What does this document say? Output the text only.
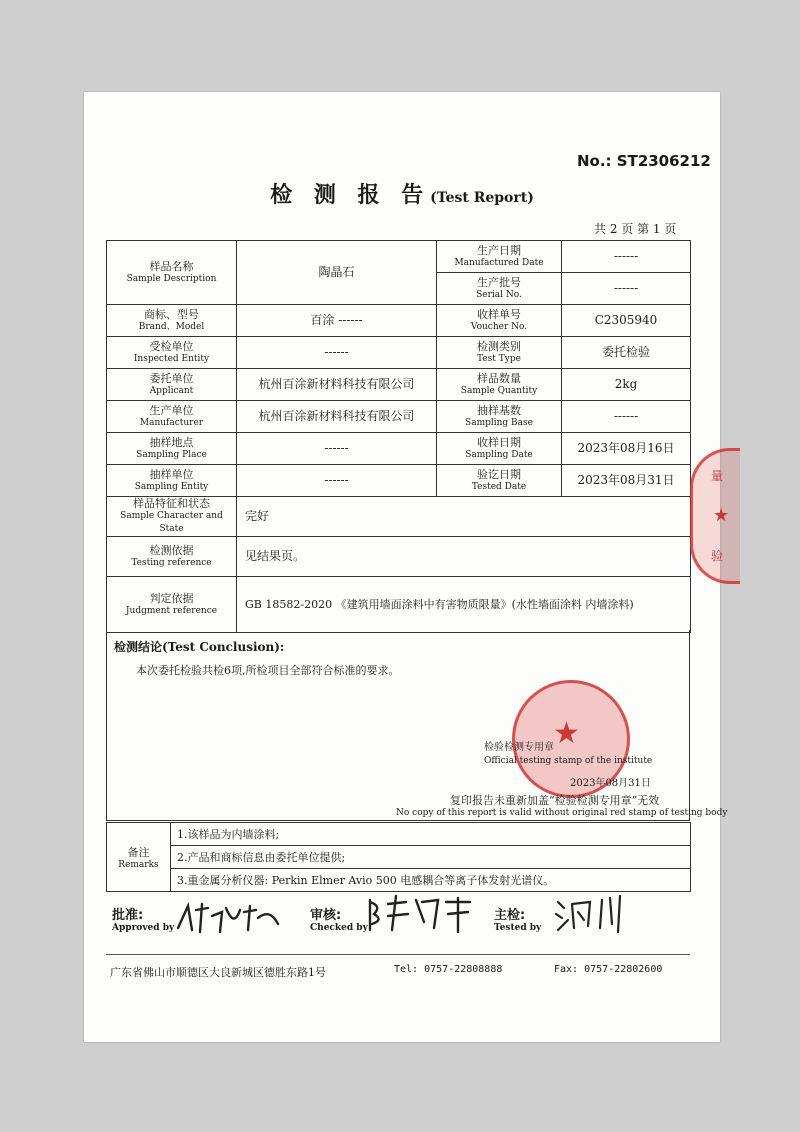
No.: ST2306212
检 测 报 告(Test Report)
共 2 页 第 1 页
样品名称
Sample Description	陶晶石	生产日期
Manufactured Date	------

		生产批号
Serial No.	------

商标、型号
Brand、Model	百涂 ------	收样单号
Voucher No.	C2305940

受检单位
Inspected Entity	------	检测类别
Test Type	委托检验

委托单位
Applicant	杭州百涂新材料科技有限公司	样品数量
Sample Quantity	2kg

生产单位
Manufacturer	杭州百涂新材料科技有限公司	抽样基数
Sampling Base	------

抽样地点
Sampling Place	------	收样日期
Sampling Date	2023年08月16日

抽样单位
Sampling Entity	------	验讫日期
Tested Date	2023年08月31日

样品特征和状态
Sample Character and State	完好		

检测依据
Testing reference	见结果页。		

判定依据
Judgment reference	GB 18582-2020 《建筑用墙面涂料中有害物质限量》(水性墙面涂料 内墙涂料)		
检测结论(Test Conclusion):
本次委托检验共检6项,所检项目全部符合标准的要求。
★
检验检测专用章
Official testing stamp of the institute
2023年08月31日
复印报告未重新加盖“检验检测专用章”无效
No copy of this report is valid without original red stamp of testing body
备注
Remarks
	1.该样品为内墙涂料;
2.产品和商标信息由委托单位提供;
3.重金属分析仪器: Perkin Elmer Avio 500 电感耦合等离子体发射光谱仪。
批准:
Approved by
审核:
Checked by
主检:
Tested by
广东省佛山市顺德区大良新城区德胜东路1号	Tel: 0757-22808888	Fax: 0757-22802600
量
★
验
